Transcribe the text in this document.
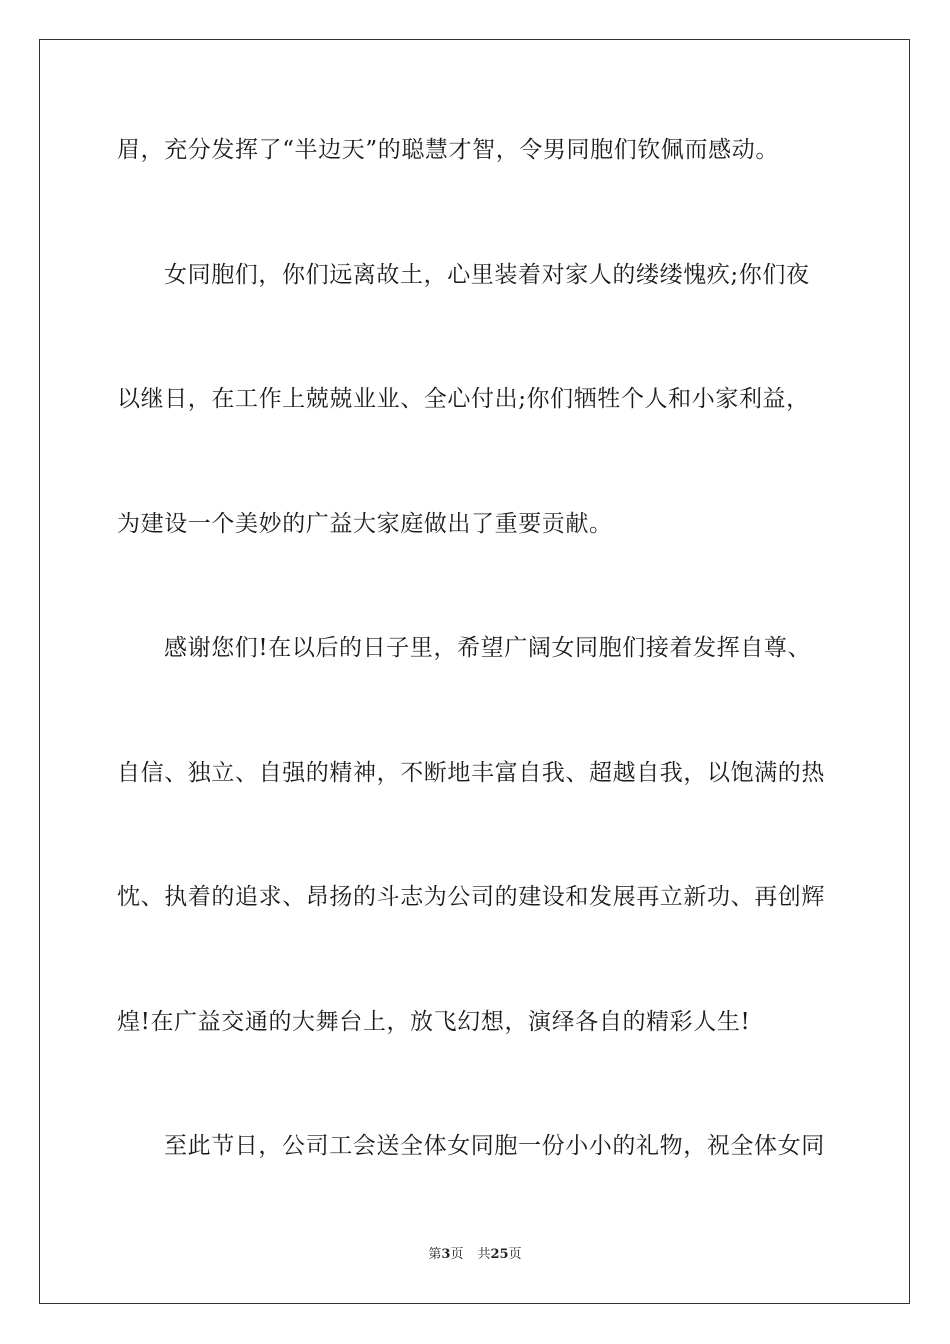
眉，充分发挥了“半边天”的聪慧才智，令男同胞们钦佩而感动。
女同胞们，你们远离故土，心里装着对家人的缕缕愧疚;你们夜
以继日，在工作上兢兢业业、全心付出;你们牺牲个人和小家利益，
为建设一个美妙的广益大家庭做出了重要贡献。
感谢您们!在以后的日子里，希望广阔女同胞们接着发挥自尊、
自信、独立、自强的精神，不断地丰富自我、超越自我，以饱满的热
忱、执着的追求、昂扬的斗志为公司的建设和发展再立新功、再创辉
煌!在广益交通的大舞台上，放飞幻想，演绎各自的精彩人生!
至此节日，公司工会送全体女同胞一份小小的礼物，祝全体女同
第3页 共25页
